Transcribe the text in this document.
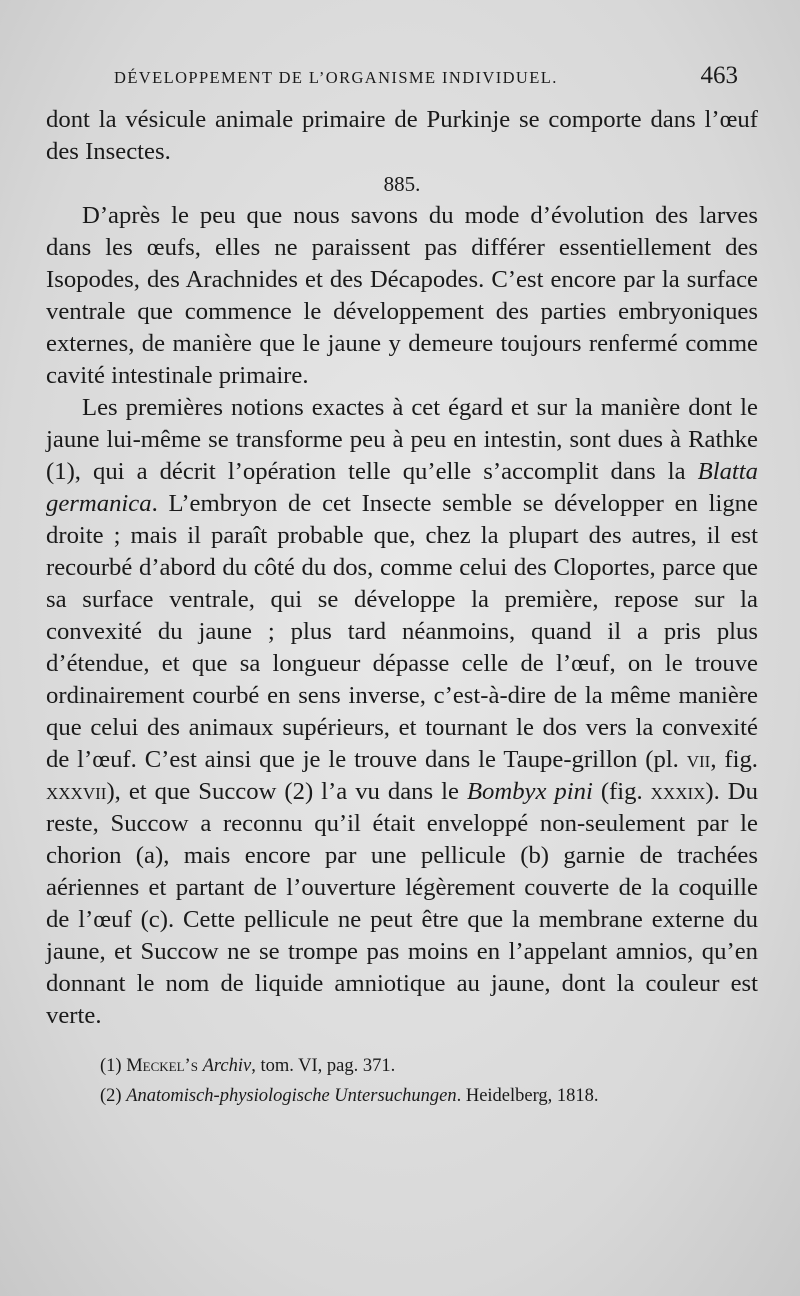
DÉVELOPPEMENT DE L’ORGANISME INDIVIDUEL.	463

dont la vésicule animale primaire de Purkinje se comporte dans l’œuf des Insectes.

885.

D’après le peu que nous savons du mode d’évolution des larves dans les œufs, elles ne paraissent pas différer essentiellement des Isopodes, des Arachnides et des Décapodes. C’est encore par la surface ventrale que commence le développement des parties embryoniques externes, de manière que le jaune y demeure toujours renfermé comme cavité intestinale primaire.

Les premières notions exactes à cet égard et sur la manière dont le jaune lui-même se transforme peu à peu en intestin, sont dues à Rathke (1), qui a décrit l’opération telle qu’elle s’accomplit dans la Blatta germanica. L’embryon de cet Insecte semble se développer en ligne droite ; mais il paraît probable que, chez la plupart des autres, il est recourbé d’abord du côté du dos, comme celui des Cloportes, parce que sa surface ventrale, qui se développe la première, repose sur la convexité du jaune ; plus tard néanmoins, quand il a pris plus d’étendue, et que sa longueur dépasse celle de l’œuf, on le trouve ordinairement courbé en sens inverse, c’est-à-dire de la même manière que celui des animaux supérieurs, et tournant le dos vers la convexité de l’œuf. C’est ainsi que je le trouve dans le Taupe-grillon (pl. vii, fig. xxxvii), et que Succow (2) l’a vu dans le Bombyx pini (fig. xxxix). Du reste, Succow a reconnu qu’il était enveloppé non-seulement par le chorion (a), mais encore par une pellicule (b) garnie de trachées aériennes et partant de l’ouverture légèrement couverte de la coquille de l’œuf (c). Cette pellicule ne peut être que la membrane externe du jaune, et Succow ne se trompe pas moins en l’appelant amnios, qu’en donnant le nom de liquide amniotique au jaune, dont la couleur est verte.

(1) Meckel’s Archiv, tom. VI, pag. 371.

(2) Anatomisch-physiologische Untersuchungen. Heidelberg, 1818.
